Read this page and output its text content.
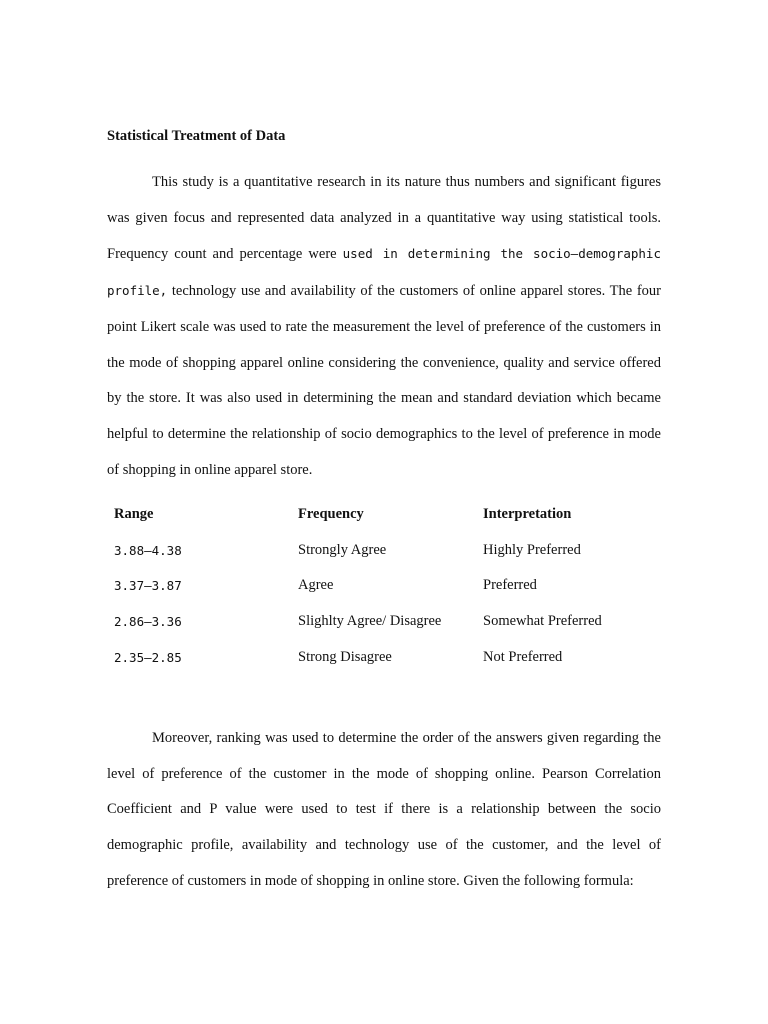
Statistical Treatment of Data

This study is a quantitative research in its nature thus numbers and significant figures was given focus and represented data analyzed in a quantitative way using statistical tools. Frequency count and percentage were used in determining the socio—demographic profile, technology use and availability of the customers of online apparel stores. The four point Likert scale was used to rate the measurement the level of preference of the customers in the mode of shopping apparel online considering the convenience, quality and service offered by the store. It was also used in determining the mean and standard deviation which became helpful to determine the relationship of socio demographics to the level of preference in mode of shopping in online apparel store.

Range	Frequency	Interpretation
3.88—4.38	Strongly Agree	Highly Preferred
3.37—3.87	Agree	Preferred
2.86—3.36	Slighlty Agree/ Disagree	Somewhat Preferred
2.35—2.85	Strong Disagree	Not Preferred

Moreover, ranking was used to determine the order of the answers given regarding the level of preference of the customer in the mode of shopping online. Pearson Correlation Coefficient and P value were used to test if there is a relationship between the socio demographic profile, availability and technology use of the customer, and the level of preference of customers in mode of shopping in online store. Given the following formula:
